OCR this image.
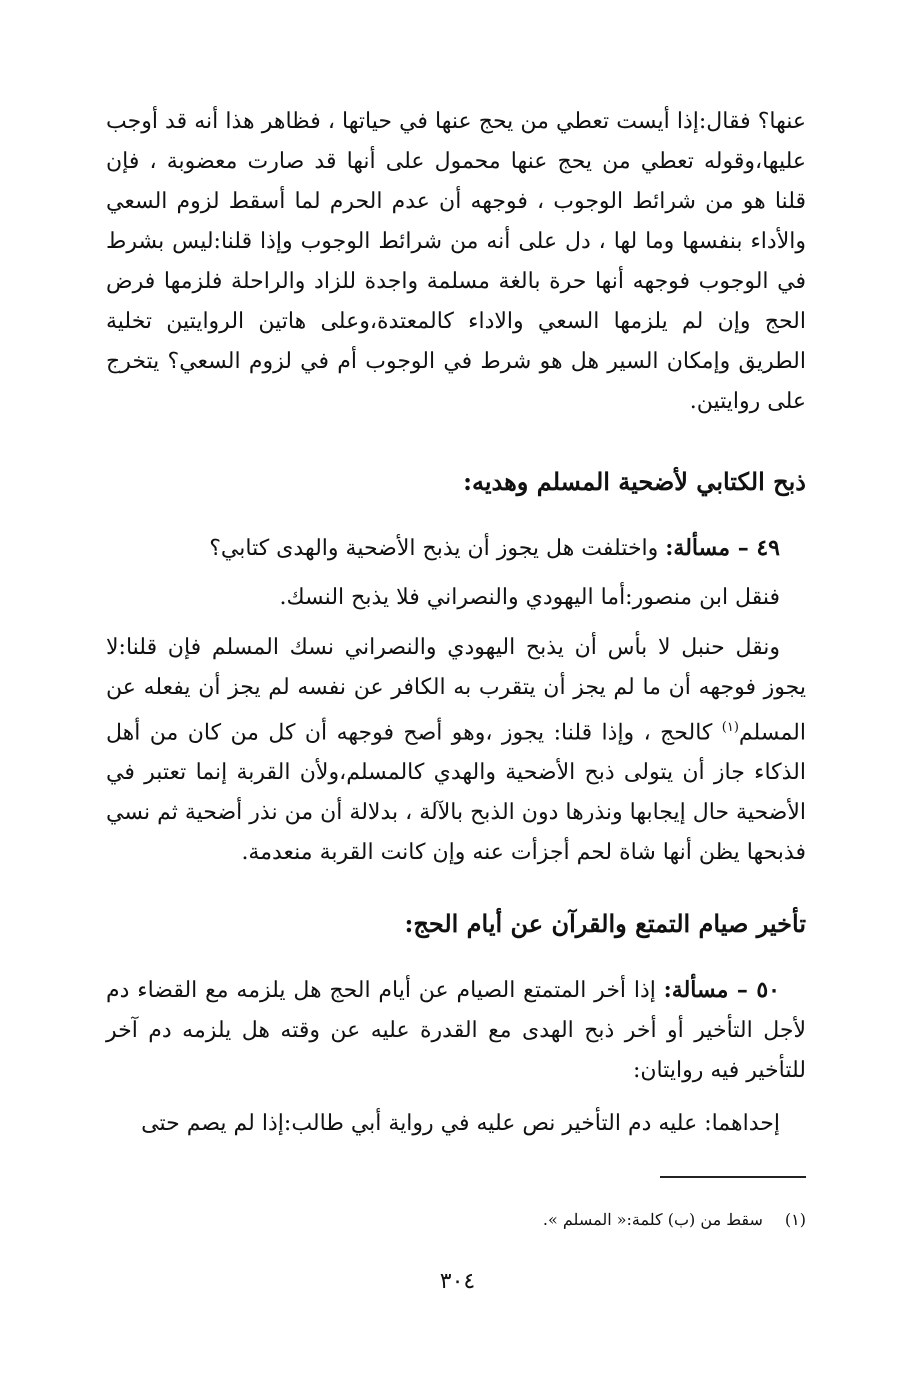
عنها؟ فقال:إذا أيست تعطي من يحج عنها في حياتها ، فظاهر هذا أنه قد أوجب عليها،وقوله تعطي من يحج عنها محمول على أنها قد صارت معضوبة ، فإن قلنا هو من شرائط الوجوب ، فوجهه أن عدم الحرم لما أسقط لزوم السعي والأداء بنفسها وما لها ، دل على أنه من شرائط الوجوب وإذا قلنا:ليس بشرط في الوجوب فوجهه أنها حرة بالغة مسلمة واجدة للزاد والراحلة فلزمها فرض الحج وإن لم يلزمها السعي والاداء كالمعتدة،وعلى هاتين الروايتين تخلية الطريق وإمكان السير هل هو شرط في الوجوب أم في لزوم السعي؟ يتخرج على روايتين.

ذبح الكتابي لأضحية المسلم وهديه:

٤٩ – مسألة: واختلفت هل يجوز أن يذبح الأضحية والهدى كتابي؟

فنقل ابن منصور:أما اليهودي والنصراني فلا يذبح النسك.

ونقل حنبل لا بأس أن يذبح اليهودي والنصراني نسك المسلم فإن قلنا:لا يجوز فوجهه أن ما لم يجز أن يتقرب به الكافر عن نفسه لم يجز أن يفعله عن المسلم$^{(١)}$ كالحج ، وإذا قلنا: يجوز ،وهو أصح فوجهه أن كل من كان من أهل الذكاء جاز أن يتولى ذبح الأضحية والهدي كالمسلم،ولأن القربة إنما تعتبر في الأضحية حال إيجابها ونذرها دون الذبح بالآلة ، بدلالة أن من نذر أضحية ثم نسي فذبحها يظن أنها شاة لحم أجزأت عنه وإن كانت القربة منعدمة.

تأخير صيام التمتع والقرآن عن أيام الحج:

٥٠ – مسألة: إذا أخر المتمتع الصيام عن أيام الحج هل يلزمه مع القضاء دم لأجل التأخير أو أخر ذبح الهدى مع القدرة عليه عن وقته هل يلزمه دم آخر للتأخير فيه روايتان:

إحداهما: عليه دم التأخير نص عليه في رواية أبي طالب:إذا لم يصم حتى

(١)سقط من (ب) كلمة:« المسلم ».

٣٠٤
